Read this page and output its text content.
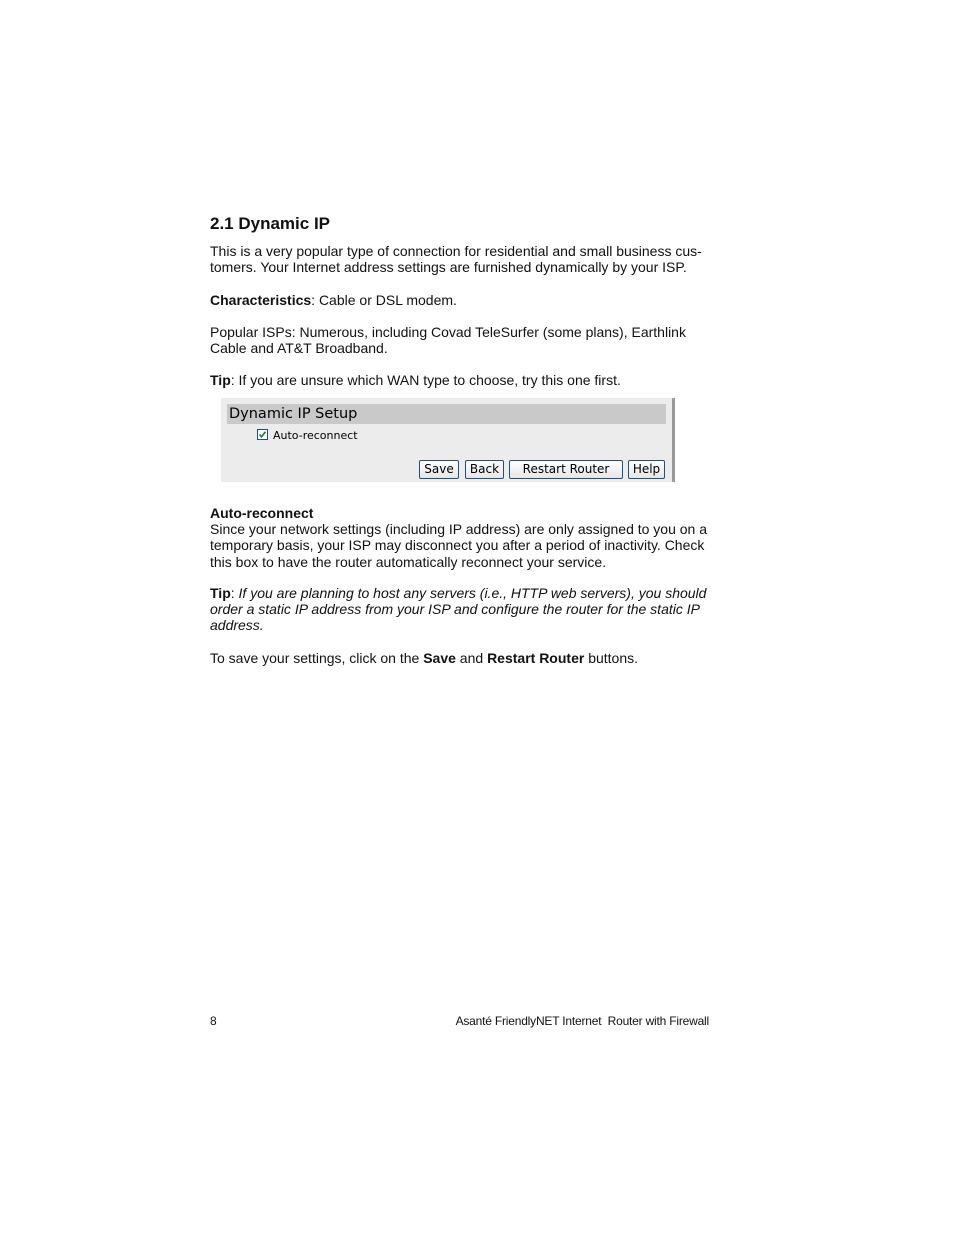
2.1 Dynamic IP
This is a very popular type of connection for residential and small business cus-
tomers. Your Internet address settings are furnished dynamically by your ISP.
Characteristics: Cable or DSL modem.
Popular ISPs: Numerous, including Covad TeleSurfer (some plans), Earthlink
Cable and AT&T Broadband.
Tip: If you are unsure which WAN type to choose, try this one first.
Dynamic IP Setup
Auto-reconnect
Save	Back	Restart Router	Help
Auto-reconnect
Since your network settings (including IP address) are only assigned to you on a
temporary basis, your ISP may disconnect you after a period of inactivity. Check
this box to have the router automatically reconnect your service.
Tip: If you are planning to host any servers (i.e., HTTP web servers), you should
order a static IP address from your ISP and configure the router for the static IP
address.
To save your settings, click on the Save and Restart Router buttons.
8	Asanté FriendlyNET Internet  Router with Firewall
